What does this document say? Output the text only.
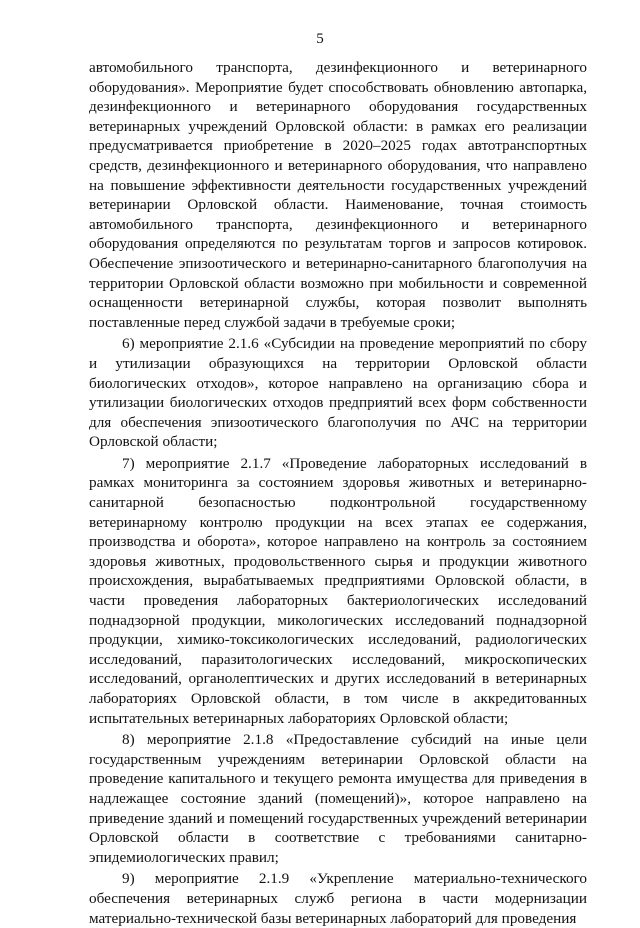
5

автомобильного транспорта, дезинфекционного и ветеринарного оборудования». Мероприятие будет способствовать обновлению автопарка, дезинфекционного и ветеринарного оборудования государственных ветеринарных учреждений Орловской области: в рамках его реализации предусматривается приобретение в 2020–2025 годах автотранспортных средств, дезинфекционного и ветеринарного оборудования, что направлено на повышение эффективности деятельности государственных учреждений ветеринарии Орловской области. Наименование, точная стоимость автомобильного транспорта, дезинфекционного и ветеринарного оборудования определяются по результатам торгов и запросов котировок. Обеспечение эпизоотического и ветеринарно-санитарного благополучия на территории Орловской области возможно при мобильности и современной оснащенности ветеринарной службы, которая позволит выполнять поставленные перед службой задачи в требуемые сроки;

6) мероприятие 2.1.6 «Субсидии на проведение мероприятий по сбору и утилизации образующихся на территории Орловской области биологических отходов», которое направлено на организацию сбора и утилизации биологических отходов предприятий всех форм собственности для обеспечения эпизоотического благополучия по АЧС на территории Орловской области;

7) мероприятие 2.1.7 «Проведение лабораторных исследований в рамках мониторинга за состоянием здоровья животных и ветеринарно-санитарной безопасностью подконтрольной государственному ветеринарному контролю продукции на всех этапах ее содержания, производства и оборота», которое направлено на контроль за состоянием здоровья животных, продовольственного сырья и продукции животного происхождения, вырабатываемых предприятиями Орловской области, в части проведения лабораторных бактериологических исследований поднадзорной продукции, микологических исследований поднадзорной продукции, химико-токсикологических исследований, радиологических исследований, паразитологических исследований, микроскопических исследований, органолептических и других исследований в ветеринарных лабораториях Орловской области, в том числе в аккредитованных испытательных ветеринарных лабораториях Орловской области;

8) мероприятие 2.1.8 «Предоставление субсидий на иные цели государственным учреждениям ветеринарии Орловской области на проведение капитального и текущего ремонта имущества для приведения в надлежащее состояние зданий (помещений)», которое направлено на приведение зданий и помещений государственных учреждений ветеринарии Орловской области в соответствие с требованиями санитарно-эпидемиологических правил;

9) мероприятие 2.1.9 «Укрепление материально-технического обеспечения ветеринарных служб региона в части модернизации материально-технической базы ветеринарных лабораторий для проведения
